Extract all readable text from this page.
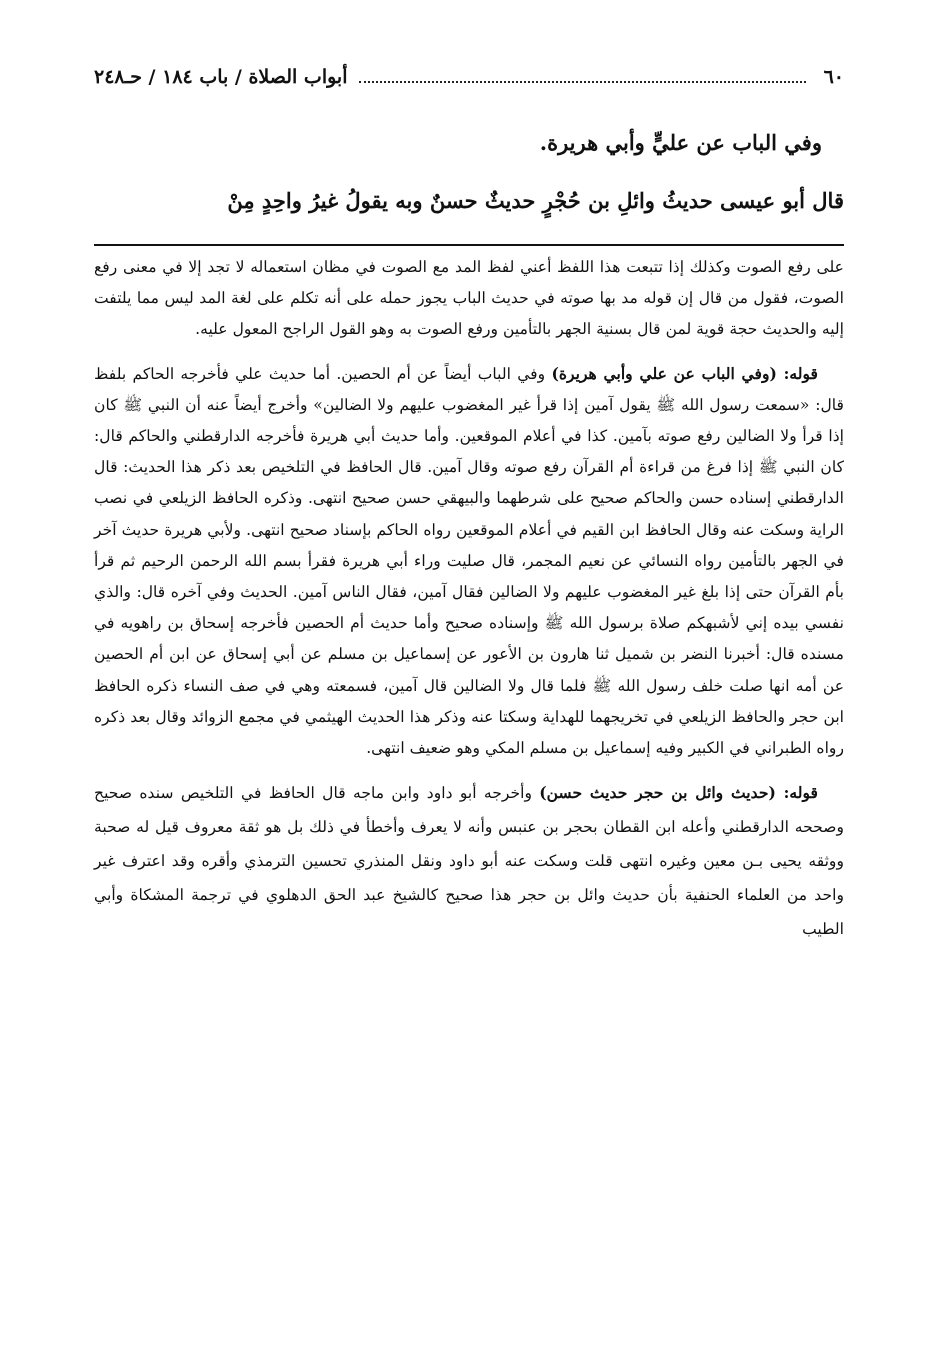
٦٠
أبواب الصلاة / باب ١٨٤ / حـ٢٤٨

وفي الباب عن عليٍّ وأبي هريرة.

قال أبو عيسى حديثُ وائلِ بن حُجْرٍ حديثٌ حسنٌ وبه يقولُ غيرُ واحِدٍ مِنْ

على رفع الصوت وكذلك إذا تتبعت هذا اللفظ أعني لفظ المد مع الصوت في مظان استعماله لا تجد إلا في معنى رفع الصوت، فقول من قال إن قوله مد بها صوته في حديث الباب يجوز حمله على أنه تكلم على لغة المد ليس مما يلتفت إليه والحديث حجة قوية لمن قال بسنية الجهر بالتأمين ورفع الصوت به وهو القول الراجح المعول عليه.

قوله: (وفي الباب عن علي وأبي هريرة) وفي الباب أيضاً عن أم الحصين. أما حديث علي فأخرجه الحاكم بلفظ قال: «سمعت رسول الله ﷺ يقول آمين إذا قرأ غير المغضوب عليهم ولا الضالين» وأخرج أيضاً عنه أن النبي ﷺ كان إذا قرأ ولا الضالين رفع صوته بآمين. كذا في أعلام الموقعين. وأما حديث أبي هريرة فأخرجه الدارقطني والحاكم قال: كان النبي ﷺ إذا فرغ من قراءة أم القرآن رفع صوته وقال آمين. قال الحافظ في التلخيص بعد ذكر هذا الحديث: قال الدارقطني إسناده حسن والحاكم صحيح على شرطهما والبيهقي حسن صحيح انتهى. وذكره الحافظ الزيلعي في نصب الراية وسكت عنه وقال الحافظ ابن القيم في أعلام الموقعين رواه الحاكم بإسناد صحيح انتهى. ولأبي هريرة حديث آخر في الجهر بالتأمين رواه النسائي عن نعيم المجمر، قال صليت وراء أبي هريرة فقرأ بسم الله الرحمن الرحيم ثم قرأ بأم القرآن حتى إذا بلغ غير المغضوب عليهم ولا الضالين فقال آمين، فقال الناس آمين. الحديث وفي آخره قال: والذي نفسي بيده إني لأشبهكم صلاة برسول الله ﷺ وإسناده صحيح وأما حديث أم الحصين فأخرجه إسحاق بن راهويه في مسنده قال: أخبرنا النضر بن شميل ثنا هارون بن الأعور عن إسماعيل بن مسلم عن أبي إسحاق عن ابن أم الحصين عن أمه انها صلت خلف رسول الله ﷺ فلما قال ولا الضالين قال آمين، فسمعته وهي في صف النساء ذكره الحافظ ابن حجر والحافظ الزيلعي في تخريجهما للهداية وسكتا عنه وذكر هذا الحديث الهيثمي في مجمع الزوائد وقال بعد ذكره رواه الطبراني في الكبير وفيه إسماعيل بن مسلم المكي وهو ضعيف انتهى.

قوله: (حديث وائل بن حجر حديث حسن) وأخرجه أبو داود وابن ماجه قال الحافظ في التلخيص سنده صحيح وصححه الدارقطني وأعله ابن القطان بحجر بن عنبس وأنه لا يعرف وأخطأ في ذلك بل هو ثقة معروف قيل له صحبة ووثقه يحيى بـن معين وغيره انتهى قلت وسكت عنه أبو داود ونقل المنذري تحسين الترمذي وأقره وقد اعترف غير واحد من العلماء الحنفية بأن حديث وائل بن حجر هذا صحيح كالشيخ عبد الحق الدهلوي في ترجمة المشكاة وأبي الطيب
